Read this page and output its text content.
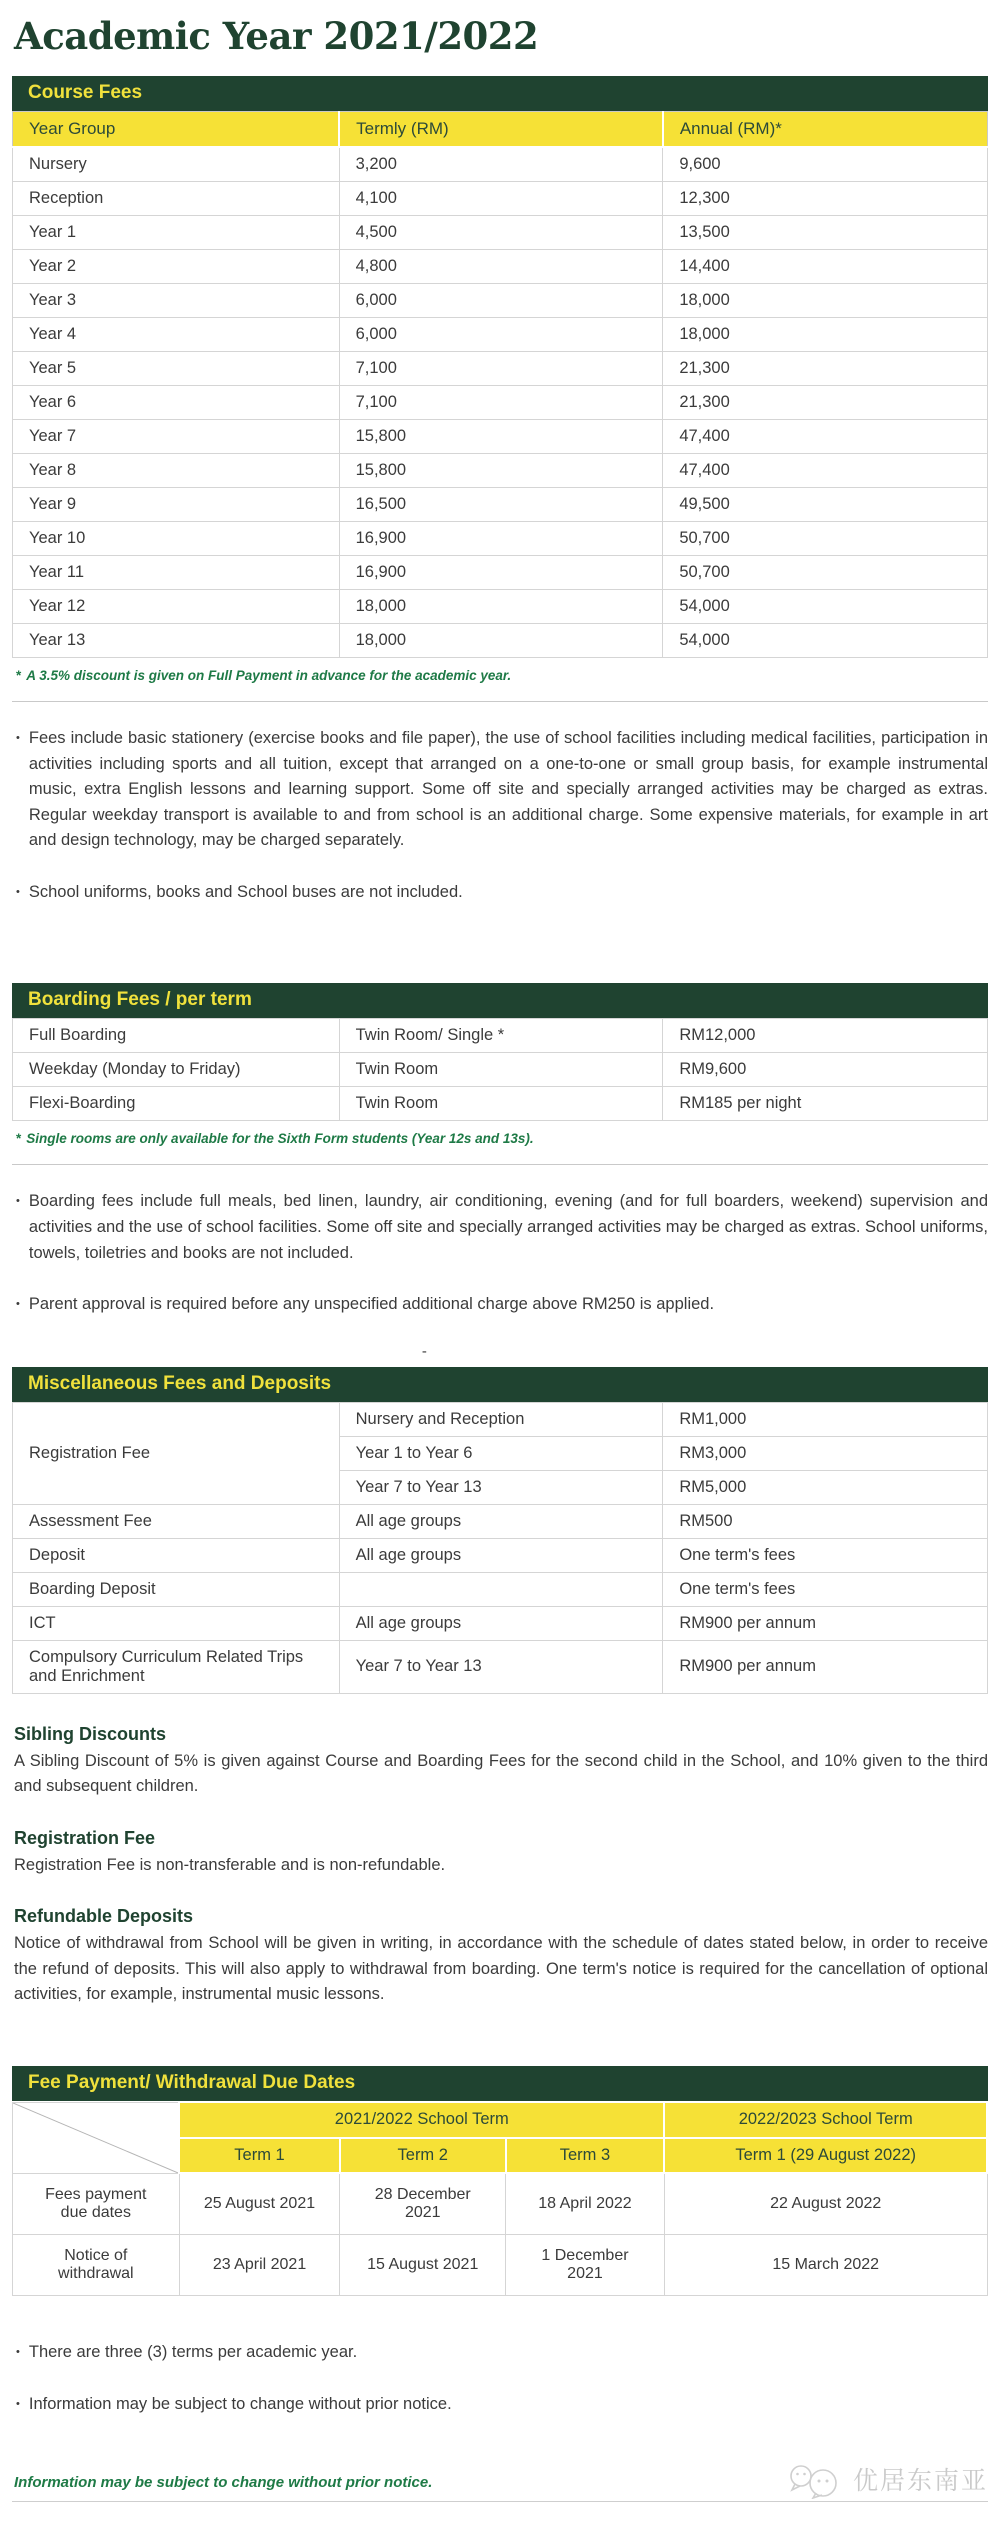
Academic Year 2021/2022
Course Fees
Year Group	Termly (RM)	Annual (RM)*
Nursery	3,200	9,600
Reception	4,100	12,300
Year 1	4,500	13,500
Year 2	4,800	14,400
Year 3	6,000	18,000
Year 4	6,000	18,000
Year 5	7,100	21,300
Year 6	7,100	21,300
Year 7	15,800	47,400
Year 8	15,800	47,400
Year 9	16,500	49,500
Year 10	16,900	50,700
Year 11	16,900	50,700
Year 12	18,000	54,000
Year 13	18,000	54,000

* A 3.5% discount is given on Full Payment in advance for the academic year.

• Fees include basic stationery (exercise books and file paper), the use of school facilities including medical facilities, participation in activities including sports and all tuition, except that arranged on a one-to-one or small group basis, for example instrumental music, extra English lessons and learning support. Some off site and specially arranged activities may be charged as extras. Regular weekday transport is available to and from school is an additional charge. Some expensive materials, for example in art and design technology, may be charged separately.

• School uniforms, books and School buses are not included.

Boarding Fees / per term
Full Boarding	Twin Room/ Single *	RM12,000
Weekday (Monday to Friday)	Twin Room	RM9,600
Flexi-Boarding	Twin Room	RM185 per night

* Single rooms are only available for the Sixth Form students (Year 12s and 13s).

• Boarding fees include full meals, bed linen, laundry, air conditioning, evening (and for full boarders, weekend) supervision and activities and the use of school facilities. Some off site and specially arranged activities may be charged as extras. School uniforms, towels, toiletries and books are not included.

• Parent approval is required before any unspecified additional charge above RM250 is applied.

-
Miscellaneous Fees and Deposits
Registration Fee	Nursery and Reception	RM1,000
	Year 1 to Year 6	RM3,000
	Year 7 to Year 13	RM5,000
Assessment Fee	All age groups	RM500
Deposit	All age groups	One term's fees
Boarding Deposit		One term's fees
ICT	All age groups	RM900 per annum
Compulsory Curriculum Related Trips and Enrichment	Year 7 to Year 13	RM900 per annum
Sibling Discounts

A Sibling Discount of 5% is given against Course and Boarding Fees for the second child in the School, and 10% given to the third and subsequent children.

Registration Fee

Registration Fee is non-transferable and is non-refundable.

Refundable Deposits

Notice of withdrawal from School will be given in writing, in accordance with the schedule of dates stated below, in order to receive the refund of deposits. This will also apply to withdrawal from boarding. One term's notice is required for the cancellation of optional activities, for example, instrumental music lessons.

Fee Payment/ Withdrawal Due Dates
	2021/2022 School Term			2022/2023 School Term
	Term 1	Term 2	Term 3	Term 1 (29 August 2022)
Fees payment due dates	25 August 2021	28 December 2021	18 April 2022	22 August 2022
Notice of withdrawal	23 April 2021	15 August 2021	1 December 2021	15 March 2022
• There are three (3) terms per academic year.

• Information may be subject to change without prior notice.

Information may be subject to change without prior notice.	优居东南亚
